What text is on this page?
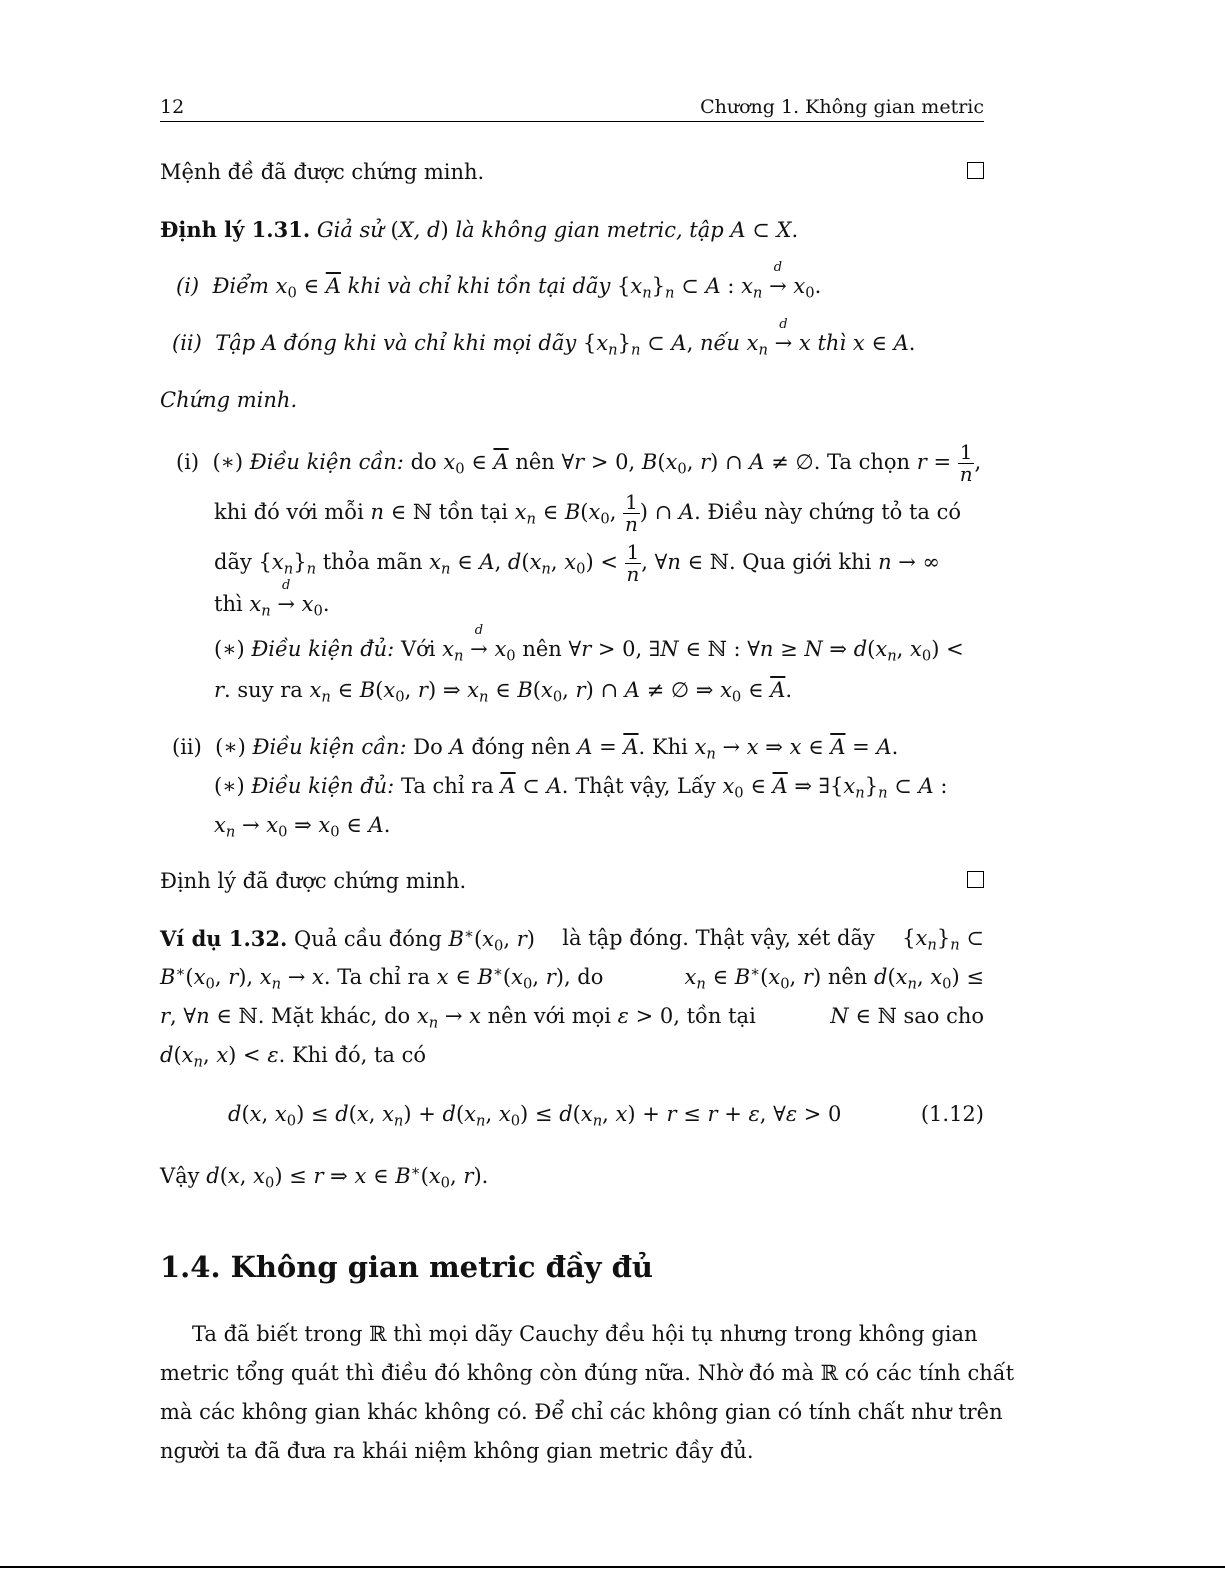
12	Chương 1. Không gian metric
Mệnh đề đã được chứng minh.
Định lý 1.31. Giả sử (X, d) là không gian metric, tập A ⊂ X.
(i) Điểm $x_0$ ∈ $\overline{A}$ khi và chỉ khi tồn tại dãy $\{x_n\}_n$ ⊂ A : $x_n$
d
→ $x_0$.
(ii) Tập A đóng khi và chỉ khi mọi dãy $\{x_n\}_n$ ⊂ A, nếu $x_n$
d
→ x thì x ∈ A.
Chứng minh.
(i)  (∗) Điều kiện cần: do $x_0$ ∈ $\overline{A}$ nên ∀r > 0, $B(x_0$, r) ∩ A ≠ ∅. Ta chọn $r = \frac{1}{n}$ ,
khi đó với mỗi n ∈ ℕ tồn tại $x_n$ ∈ $B(x_0$, $\frac{1}{n}$ ) ∩ A. Điều này chứng tỏ ta có
dãy $\{x_n\}_n$ thỏa mãn $x_n$ ∈ A, $d(x_n$, $x_0) < \frac{1}{n}$ , ∀n ∈ ℕ. Qua giới khi n → ∞
thì $x_n$
d
→ $x_0$.
(∗) Điều kiện đủ: Với $x_n$
d
→ $x_0$ nên ∀r > 0, ∃N ∈ ℕ : ∀n ≥ N ⇒ $d(x_n$, $x_0$) <
r. suy ra $x_n$ ∈ $B(x_0$, r) ⇒ $x_n$ ∈ $B(x_0$, r) ∩ A ≠ ∅ ⇒ $x_0$ ∈ $\overline{A}$.
(ii)  (∗) Điều kiện cần: Do A đóng nên $A = \overline{A}$. Khi $x_n \to x$ ⇒ x ∈ $\overline{A} = A$.
(∗) Điều kiện đủ: Ta chỉ ra $\overline{A}$ ⊂ A. Thật vậy, Lấy $x_0$ ∈ $\overline{A}$ ⇒ $\exists\{x_n\}_n$ ⊂ A :
$x_n \to x_0$ ⇒ $x_0$ ∈ A.
Định lý đã được chứng minh.
Ví dụ 1.32. Quả cầu đóng $B^∗(x_0$, r) là tập đóng. Thật vậy, xét dãy $\{x_n\}_n$ ⊂
$B^∗(x_0$, r), $x_n \to x$. Ta chỉ ra x ∈ $B^∗(x_0$, r), do	$x_n$ ∈ $B^∗(x_0$, r) nên $d(x_n$, $x_0$) ≤
r, ∀n ∈ ℕ. Mặt khác, do $x_n \to x$ nên với mọi ε > 0, tồn tại	N ∈ ℕ sao cho
$d(x_n$, x) < ε. Khi đó, ta có
d(x, $x_0) \le d(x$, $x_n) + d(x_n$, $x_0) \le d(x_n$, x) + r ≤ r + ε, ∀ε > 0	(1.12)
Vậy d(x, $x_0) \le r$ ⇒ x ∈ $B^∗(x_0$, r).
1.4. Không gian metric đầy đủ
Ta đã biết trong ℝ thì mọi dãy Cauchy đều hội tụ nhưng trong không gian
metric tổng quát thì điều đó không còn đúng nữa. Nhờ đó mà ℝ có các tính chất
mà các không gian khác không có. Để chỉ các không gian có tính chất như trên
người ta đã đưa ra khái niệm không gian metric đầy đủ.
